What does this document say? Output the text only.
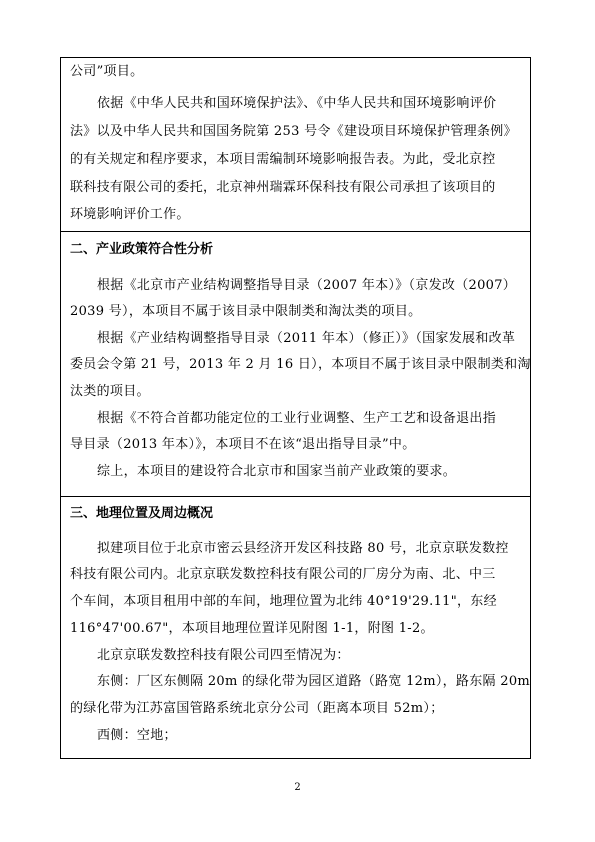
公司”项目。
依据《中华人民共和国环境保护法》、《中华人民共和国环境影响评价
法》以及中华人民共和国国务院第 253 号令《建设项目环境保护管理条例》
的有关规定和程序要求，本项目需编制环境影响报告表。为此，受北京控
联科技有限公司的委托，北京神州瑞霖环保科技有限公司承担了该项目的
环境影响评价工作。
二、产业政策符合性分析
根据《北京市产业结构调整指导目录（2007 年本）》（京发改（2007）
2039 号），本项目不属于该目录中限制类和淘汰类的项目。
根据《产业结构调整指导目录（2011 年本）（修正）》（国家发展和改革
委员会令第 21 号，2013 年 2 月 16 日），本项目不属于该目录中限制类和淘
汰类的项目。
根据《不符合首都功能定位的工业行业调整、生产工艺和设备退出指
导目录（2013 年本）》，本项目不在该“退出指导目录”中。
综上，本项目的建设符合北京市和国家当前产业政策的要求。
三、地理位置及周边概况
拟建项目位于北京市密云县经济开发区科技路 80 号，北京京联发数控
科技有限公司内。北京京联发数控科技有限公司的厂房分为南、北、中三
个车间，本项目租用中部的车间，地理位置为北纬 40°19'29.11"，东经
116°47'00.67"，本项目地理位置详见附图 1-1，附图 1-2。
北京京联发数控科技有限公司四至情况为：
东侧：厂区东侧隔 20m 的绿化带为园区道路（路宽 12m），路东隔 20m
的绿化带为江苏富国管路系统北京分公司（距离本项目 52m）；
西侧：空地；
2
